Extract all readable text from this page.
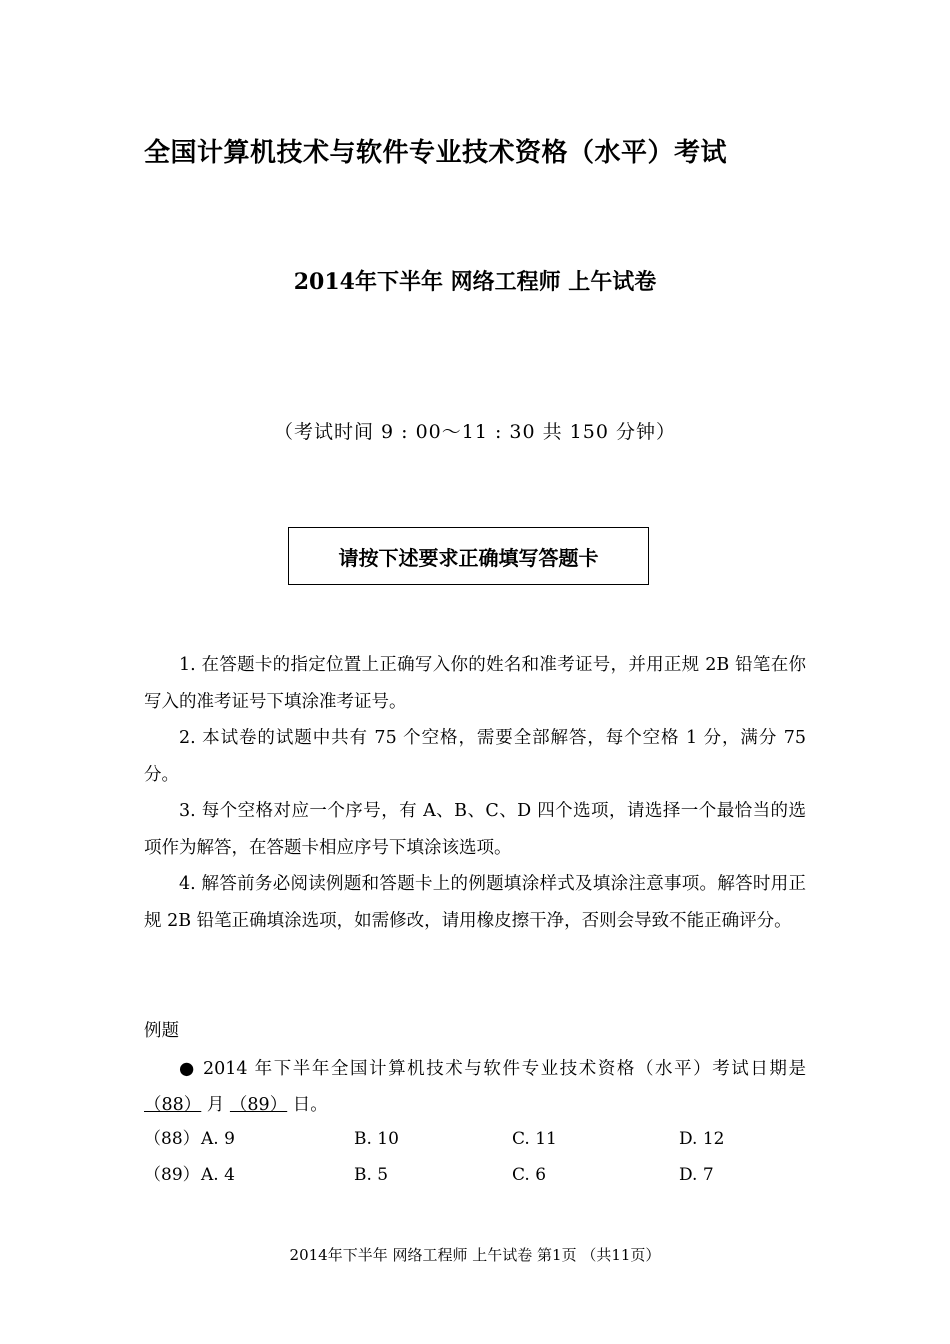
全国计算机技术与软件专业技术资格（水平）考试
2014年下半年 网络工程师 上午试卷
（考试时间 9 : 00～11 : 30 共 150 分钟）
请按下述要求正确填写答题卡

1. 在答题卡的指定位置上正确写入你的姓名和准考证号，并用正规 2B 铅笔在你写入的准考证号下填涂准考证号。

2. 本试卷的试题中共有 75 个空格，需要全部解答，每个空格 1 分，满分 75 分。

3. 每个空格对应一个序号，有 A、B、C、D 四个选项，请选择一个最恰当的选项作为解答，在答题卡相应序号下填涂该选项。

4. 解答前务必阅读例题和答题卡上的例题填涂样式及填涂注意事项。解答时用正规 2B 铅笔正确填涂选项，如需修改，请用橡皮擦干净，否则会导致不能正确评分。

例题
● 2014 年下半年全国计算机技术与软件专业技术资格（水平）考试日期是（88） 月 （89） 日。
（88） A. 9	B. 10	C. 11	D. 12
（89） A. 4	B. 5	C. 6	D. 7
2014年下半年 网络工程师 上午试卷 第1页 （共11页）
